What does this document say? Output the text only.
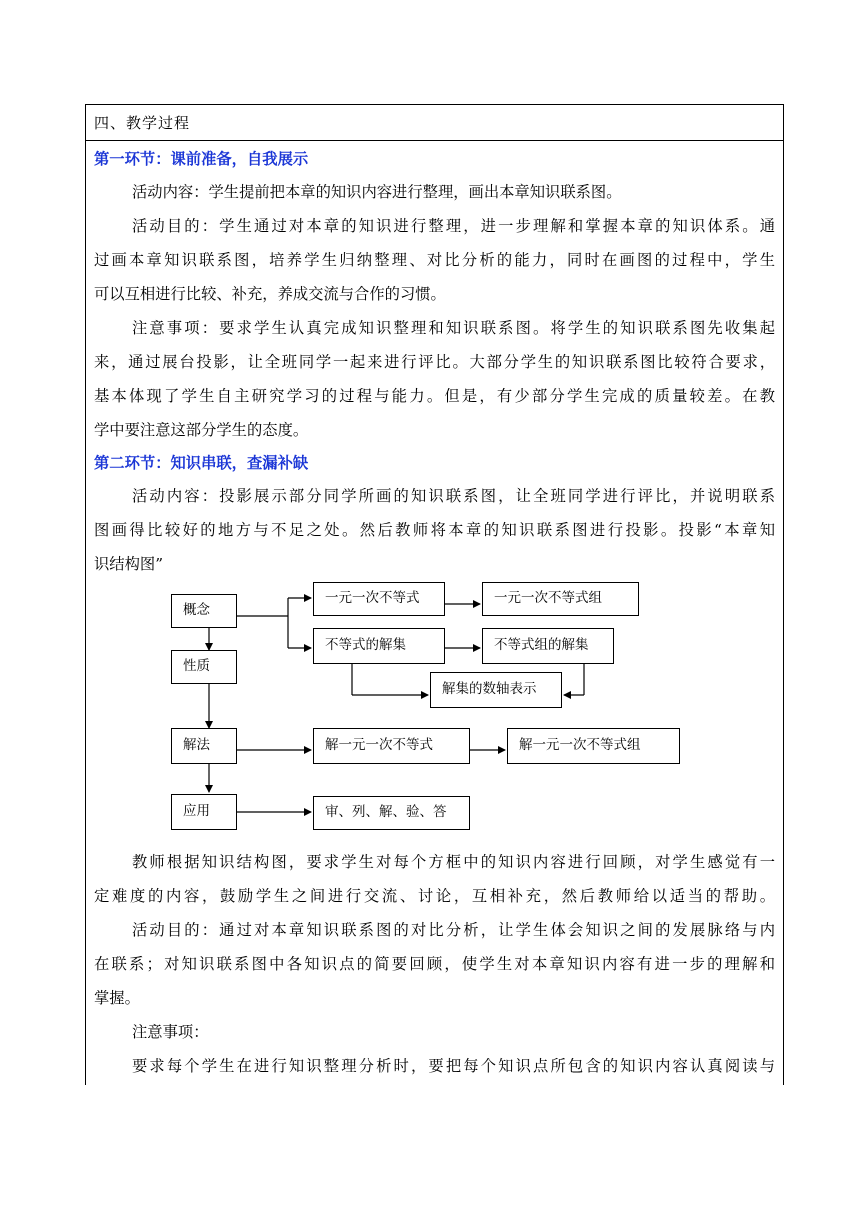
四、教学过程
第一环节：课前准备，自我展示
活动内容：学生提前把本章的知识内容进行整理，画出本章知识联系图。
活动目的：学生通过对本章的知识进行整理，进一步理解和掌握本章的知识体系。通
过画本章知识联系图，培养学生归纳整理、对比分析的能力，同时在画图的过程中，学生
可以互相进行比较、补充，养成交流与合作的习惯。
注意事项：要求学生认真完成知识整理和知识联系图。将学生的知识联系图先收集起
来，通过展台投影，让全班同学一起来进行评比。大部分学生的知识联系图比较符合要求，
基本体现了学生自主研究学习的过程与能力。但是，有少部分学生完成的质量较差。在教
学中要注意这部分学生的态度。
第二环节：知识串联，查漏补缺
活动内容：投影展示部分同学所画的知识联系图，让全班同学进行评比，并说明联系
图画得比较好的地方与不足之处。然后教师将本章的知识联系图进行投影。投影“本章知
识结构图”
教师根据知识结构图，要求学生对每个方框中的知识内容进行回顾，对学生感觉有一
定难度的内容，鼓励学生之间进行交流、讨论，互相补充，然后教师给以适当的帮助。
活动目的：通过对本章知识联系图的对比分析，让学生体会知识之间的发展脉络与内
在联系；对知识联系图中各知识点的简要回顾，使学生对本章知识内容有进一步的理解和
掌握。
注意事项：
要求每个学生在进行知识整理分析时，要把每个知识点所包含的知识内容认真阅读与
概念
性质
解法
应用
一元一次不等式	一元一次不等式组
不等式的解集	不等式组的解集
解集的数轴表示
解一元一次不等式	解一元一次不等式组
审、列、解、验、答
